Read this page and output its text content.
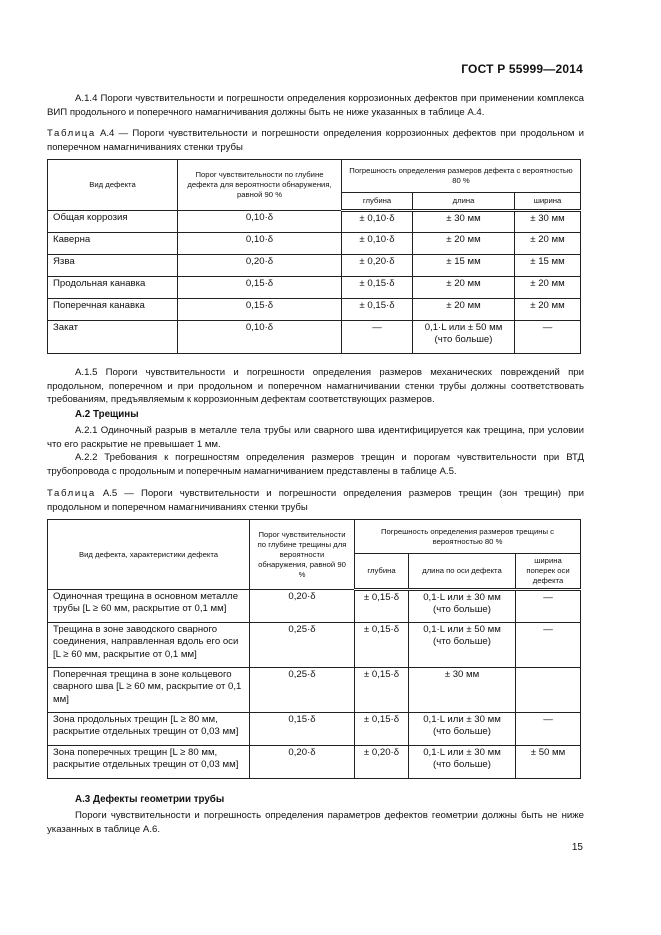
ГОСТ Р 55999—2014
А.1.4 Пороги чувствительности и погрешности определения коррозионных дефектов при применении комплекса ВИП продольного и поперечного намагничивания должны быть не ниже указанных в таблице А.4.
Таблица А.4 — Пороги чувствительности и погрешности определения коррозионных дефектов при продольном и поперечном намагничиваниях стенки трубы
Вид дефекта	Порог чувствительности по глубине дефекта для вероятности обнаружения, равной 90 %	Погрешность определения размеров дефекта с вероятностью 80 %		
		глубина	длина	ширина
Общая коррозия	0,10·δ	± 0,10·δ	± 30 мм	± 30 мм
Каверна	0,10·δ	± 0,10·δ	± 20 мм	± 20 мм
Язва	0,20·δ	± 0,20·δ	± 15 мм	± 15 мм
Продольная канавка	0,15·δ	± 0,15·δ	± 20 мм	± 20 мм
Поперечная канавка	0,15·δ	± 0,15·δ	± 20 мм	± 20 мм
Закат	0,10·δ	—	0,1·L или ± 50 мм (что больше)	—
А.1.5 Пороги чувствительности и погрешности определения размеров механических повреждений при продольном, поперечном и при продольном и поперечном намагничивании стенки трубы должны соответствовать требованиям, предъявляемым к коррозионным дефектам соответствующих размеров.
А.2 Трещины
А.2.1 Одиночный разрыв в металле тела трубы или сварного шва идентифицируется как трещина, при условии что его раскрытие не превышает 1 мм.
А.2.2 Требования к погрешностям определения размеров трещин и порогам чувствительности при ВТД трубопровода с продольным и поперечным намагничиванием представлены в таблице А.5.
Таблица А.5 — Пороги чувствительности и погрешности определения размеров трещин (зон трещин) при продольном и поперечном намагничиваниях стенки трубы
Вид дефекта, характеристики дефекта	Порог чувствительности по глубине трещины для вероятности обнаружения, равной 90 %	Погрешность определения размеров трещины с вероятностью 80 %		
		глубина	длина по оси дефекта	ширина поперек оси дефекта
Одиночная трещина в основном металле трубы [L ≥ 60 мм, раскрытие от 0,1 мм]	0,20·δ	± 0,15·δ	0,1·L или ± 30 мм (что больше)	—
Трещина в зоне заводского сварного соединения, направленная вдоль его оси [L ≥ 60 мм, раскрытие от 0,1 мм]	0,25·δ	± 0,15·δ	0,1·L или ± 50 мм (что больше)	—
Поперечная трещина в зоне кольцевого сварного шва [L ≥ 60 мм, раскрытие от 0,1 мм]	0,25·δ	± 0,15·δ	± 30 мм	
Зона продольных трещин [L ≥ 80 мм, раскрытие отдельных трещин от 0,03 мм]	0,15·δ	± 0,15·δ	0,1·L или ± 30 мм (что больше)	—
Зона поперечных трещин [L ≥ 80 мм, раскрытие отдельных трещин от 0,03 мм]	0,20·δ	± 0,20·δ	0,1·L или ± 30 мм (что больше)	± 50 мм
А.3 Дефекты геометрии трубы
Пороги чувствительности и погрешность определения параметров дефектов геометрии должны быть не ниже указанных в таблице А.6.
15
